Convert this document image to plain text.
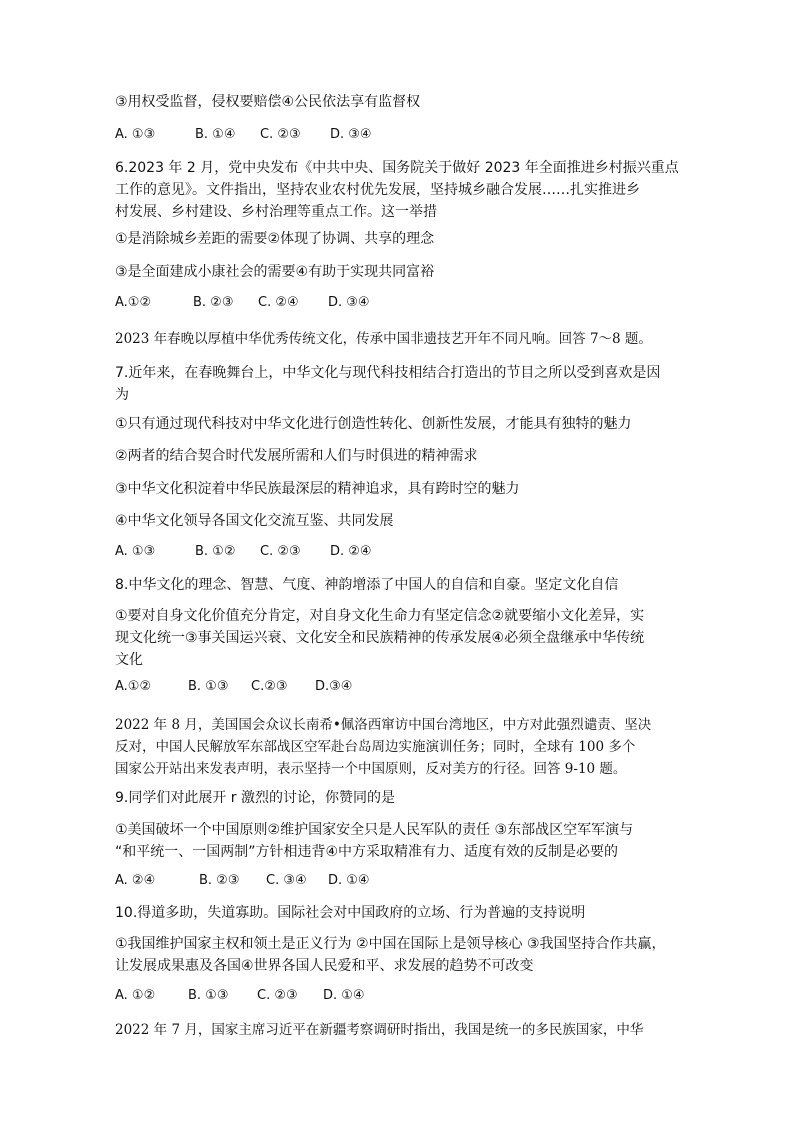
③用权受监督，侵权要赔偿④公民依法享有监督权
A. ①③	B. ①④ C. ②③ D. ③④
6.2023 年 2 月，党中央发布《中共中央、国务院关于做好 2023 年全面推进乡村振兴重点
工作的意见》。文件指出，坚持农业农村优先发展，坚持城乡融合发展……扎实推进乡
村发展、乡村建设、乡村治理等重点工作。这一举措
①是消除城乡差距的需要②体现了协调、共享的理念
③是全面建成小康社会的需要④有助于实现共同富裕
A.①②	B. ②③ C. ②④ D. ③④
2023 年春晚以厚植中华优秀传统文化，传承中国非遗技艺开年不同凡响。回答 7～8 题。
7.近年来，在春晚舞台上，中华文化与现代科技相结合打造出的节目之所以受到喜欢是因
为
①只有通过现代科技对中华文化进行创造性转化、创新性发展，才能具有独特的魅力
②两者的结合契合时代发展所需和人们与时俱进的精神需求
③中华文化积淀着中华民族最深层的精神追求，具有跨时空的魅力
④中华文化领导各国文化交流互鉴、共同发展
A. ①③	B. ①② C. ②③ D. ②④
8.中华文化的理念、智慧、气度、神韵增添了中国人的自信和自豪。坚定文化自信
①要对自身文化价值充分肯定，对自身文化生命力有坚定信念②就要缩小文化差异，实
现文化统一③事关国运兴衰、文化安全和民族精神的传承发展④必须全盘继承中华传统
文化
A.①②	B. ①③ C.②③ D.③④
2022 年 8 月，美国国会众议长南希•佩洛西窜访中国台湾地区，中方对此强烈谴责、坚决
反对，中国人民解放军东部战区空军赴台岛周边实施演训任务；同时，全球有 100 多个
国家公开站出来发表声明，表示坚持一个中国原则，反对美方的行径。回答 9-10 题。
9.同学们对此展开 r 激烈的讨论，你赞同的是
①美国破坏一个中国原则②维护国家安全只是人民军队的责任 ③东部战区空军军演与
“和平统一、一国两制”方针相违背④中方采取精准有力、适度有效的反制是必要的
A. ②④	B. ②③ C. ③④ D. ①④
10.得道多助，失道寡助。国际社会对中国政府的立场、行为普遍的支持说明
①我国维护国家主权和领土是正义行为 ②中国在国际上是领导核心 ③我国坚持合作共赢，
让发展成果惠及各国④世界各国人民爱和平、求发展的趋势不可改变
A. ①②	B. ①③ C. ②③ D. ①④
2022 年 7 月，国家主席习近平在新疆考察调研时指出，我国是统一的多民族国家，中华
